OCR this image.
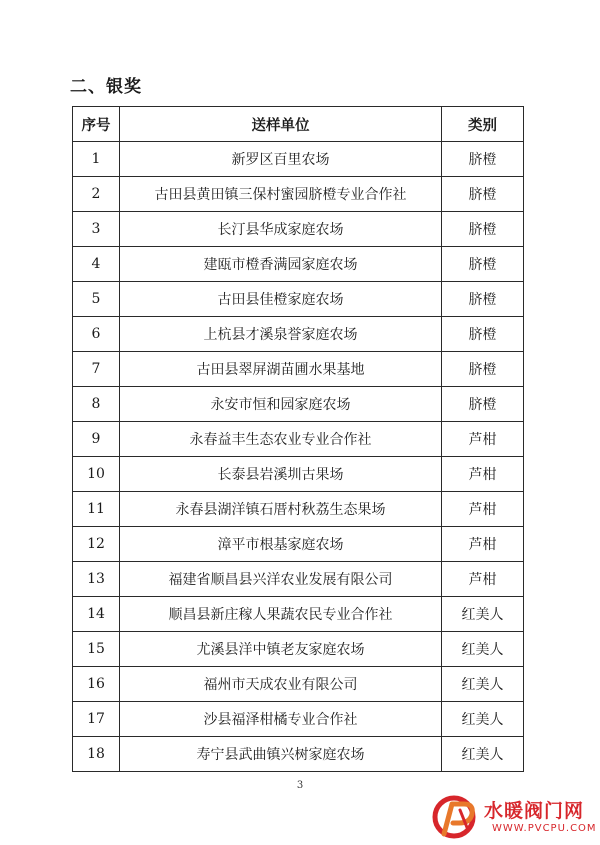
二、银奖
序号	送样单位	类别
1	新罗区百里农场	脐橙
2	古田县黄田镇三保村蜜园脐橙专业合作社	脐橙
3	长汀县华成家庭农场	脐橙
4	建瓯市橙香满园家庭农场	脐橙
5	古田县佳橙家庭农场	脐橙
6	上杭县才溪泉誉家庭农场	脐橙
7	古田县翠屏湖苗圃水果基地	脐橙
8	永安市恒和园家庭农场	脐橙
9	永春益丰生态农业专业合作社	芦柑
10	长泰县岩溪圳古果场	芦柑
11	永春县湖洋镇石厝村秋荔生态果场	芦柑
12	漳平市根基家庭农场	芦柑
13	福建省顺昌县兴洋农业发展有限公司	芦柑
14	顺昌县新庄稼人果蔬农民专业合作社	红美人
15	尤溪县洋中镇老友家庭农场	红美人
16	福州市天成农业有限公司	红美人
17	沙县福泽柑橘专业合作社	红美人
18	寿宁县武曲镇兴树家庭农场	红美人
3
水暖阀门网
WWW.PVCPU.COM
